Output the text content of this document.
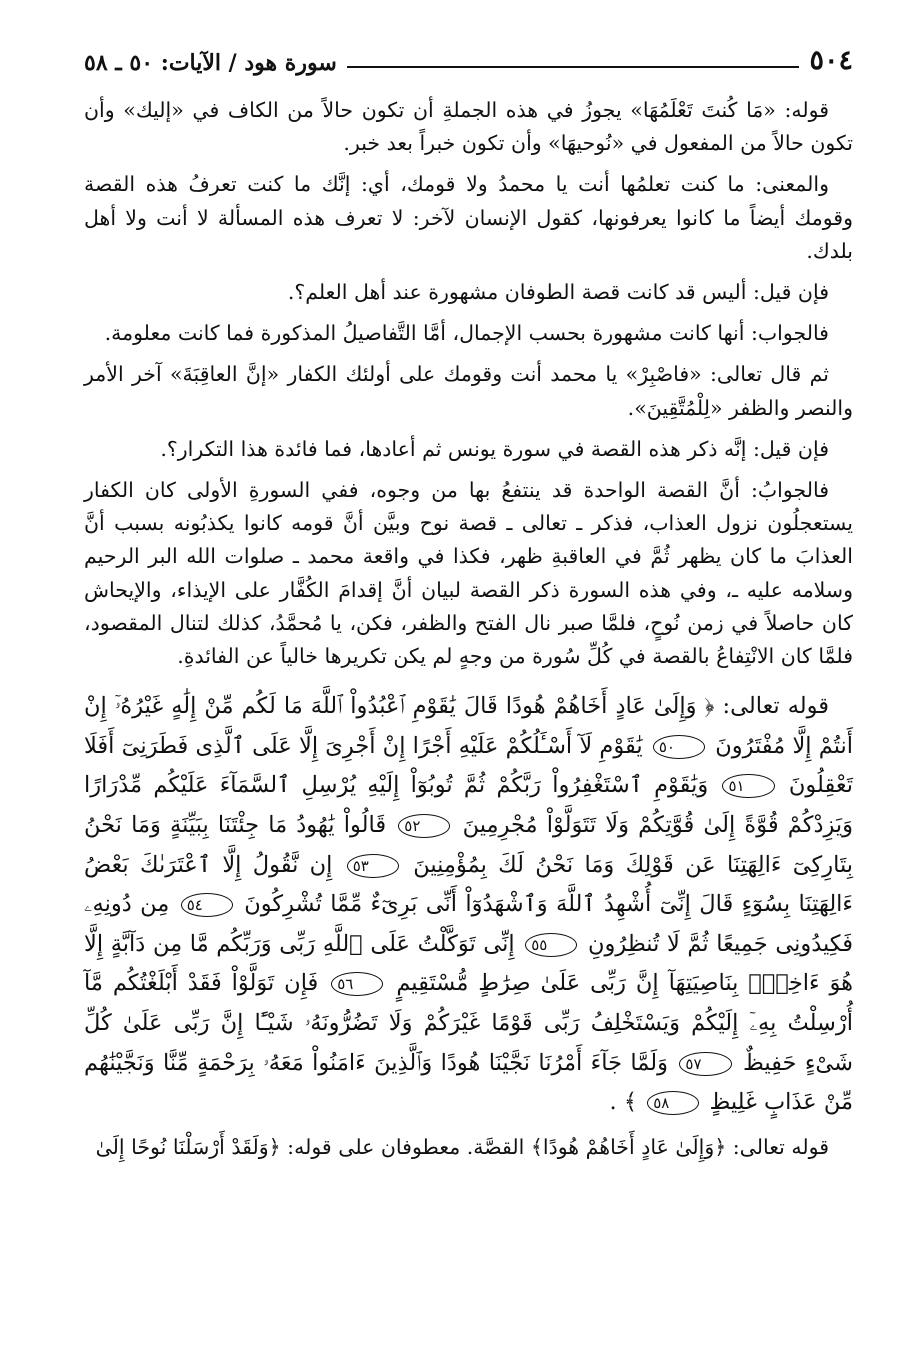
٥٠٤
سورة هود / الآيات: ٥٠ ـ ٥٨

قوله: «مَا كُنتَ تَعْلَمُهَا» يجوزُ في هذه الجملةِ أن تكون حالاً من الكاف في «إليك» وأن تكون حالاً من المفعول في «نُوحيهَا» وأن تكون خبراً بعد خبر.

والمعنى: ما كنت تعلمُها أنت يا محمدُ ولا قومك، أي: إنَّك ما كنت تعرفُ هذه القصة وقومك أيضاً ما كانوا يعرفونها، كقول الإنسان لآخر: لا تعرف هذه المسألة لا أنت ولا أهل بلدك.

فإن قيل: أليس قد كانت قصة الطوفان مشهورة عند أهل العلم؟.

فالجواب: أنها كانت مشهورة بحسب الإجمال، أمَّا التَّفاصيلُ المذكورة فما كانت معلومة.

ثم قال تعالى: «فاصْبِرْ» يا محمد أنت وقومك على أولئك الكفار «إنَّ العاقِبَةَ» آخر الأمر والنصر والظفر «لِلْمُتَّقِينَ».

فإن قيل: إنَّه ذكر هذه القصة في سورة يونس ثم أعادها، فما فائدة هذا التكرار؟.

فالجوابُ: أنَّ القصة الواحدة قد ينتفعُ بها من وجوه، ففي السورةِ الأولى كان الكفار يستعجلُون نزول العذاب، فذكر ـ تعالى ـ قصة نوح وبيَّن أنَّ قومه كانوا يكذبُونه بسبب أنَّ العذابَ ما كان يظهر ثُمَّ في العاقبةِ ظهر، فكذا في واقعة محمد ـ صلوات الله البر الرحيم وسلامه عليه ـ، وفي هذه السورة ذكر القصة لبيان أنَّ إقدامَ الكُفَّار على الإيذاء، والإيحاش كان حاصلاً في زمن نُوحٍ، فلمَّا صبر نال الفتح والظفر، فكن، يا مُحمَّدُ، كذلك لتنال المقصود، فلمَّا كان الانْتِفاعُ بالقصة في كُلِّ سُورة من وجهٍ لم يكن تكريرها خالياً عن الفائدةِ.

قوله تعالى: ﴿ وَإِلَىٰ عَادٍ أَخَاهُمْ هُودًا قَالَ يَٰقَوْمِ ٱعْبُدُواْ ٱللَّهَ مَا لَكُم مِّنْ إِلَٰهٍ غَيْرُهُۥٓ إِنْ أَنتُمْ إِلَّا مُفْتَرُونَ ٥٠ يَٰقَوْمِ لَآ أَسْـَٔلُكُمْ عَلَيْهِ أَجْرًا إِنْ أَجْرِىَ إِلَّا عَلَى ٱلَّذِى فَطَرَنِىٓ أَفَلَا تَعْقِلُونَ ٥١ وَيَٰقَوْمِ ٱسْتَغْفِرُواْ رَبَّكُمْ ثُمَّ تُوبُوٓاْ إِلَيْهِ يُرْسِلِ ٱلسَّمَآءَ عَلَيْكُم مِّدْرَارًا وَيَزِدْكُمْ قُوَّةً إِلَىٰ قُوَّتِكُمْ وَلَا تَتَوَلَّوْاْ مُجْرِمِينَ ٥٢ قَالُواْ يَٰهُودُ مَا جِئْتَنَا بِبَيِّنَةٍ وَمَا نَحْنُ بِتَارِكِىٓ ءَالِهَتِنَا عَن قَوْلِكَ وَمَا نَحْنُ لَكَ بِمُؤْمِنِينَ ٥٣ إِن نَّقُولُ إِلَّا ٱعْتَرَىٰكَ بَعْضُ ءَالِهَتِنَا بِسُوٓءٍ قَالَ إِنِّىٓ أُشْهِدُ ٱللَّهَ وَٱشْهَدُوٓاْ أَنِّى بَرِىٓءٌ مِّمَّا تُشْرِكُونَ ٥٤ مِن دُونِهِۦ فَكِيدُونِى جَمِيعًا ثُمَّ لَا تُنظِرُونِ ٥٥ إِنِّى تَوَكَّلْتُ عَلَى ٱللَّهِ رَبِّى وَرَبِّكُم مَّا مِن دَآبَّةٍ إِلَّا هُوَ ءَاخِذٌۢ بِنَاصِيَتِهَآ إِنَّ رَبِّى عَلَىٰ صِرَٰطٍ مُّسْتَقِيمٍ ٥٦ فَإِن تَوَلَّوْاْ فَقَدْ أَبْلَغْتُكُم مَّآ أُرْسِلْتُ بِهِۦٓ إِلَيْكُمْ وَيَسْتَخْلِفُ رَبِّى قَوْمًا غَيْرَكُمْ وَلَا تَضُرُّونَهُۥ شَيْـًٔا إِنَّ رَبِّى عَلَىٰ كُلِّ شَىْءٍ حَفِيظٌ ٥٧ وَلَمَّا جَآءَ أَمْرُنَا نَجَّيْنَا هُودًا وَٱلَّذِينَ ءَامَنُواْ مَعَهُۥ بِرَحْمَةٍ مِّنَّا وَنَجَّيْنَٰهُم مِّنْ عَذَابٍ غَلِيظٍ ٥٨ ﴾ .

قوله تعالى: ﴿وَإِلَىٰ عَادٍ أَخَاهُمْ هُودًا﴾ القصَّة. معطوفان على قوله: ﴿وَلَقَدْ أَرْسَلْنَا نُوحًا إِلَىٰ
